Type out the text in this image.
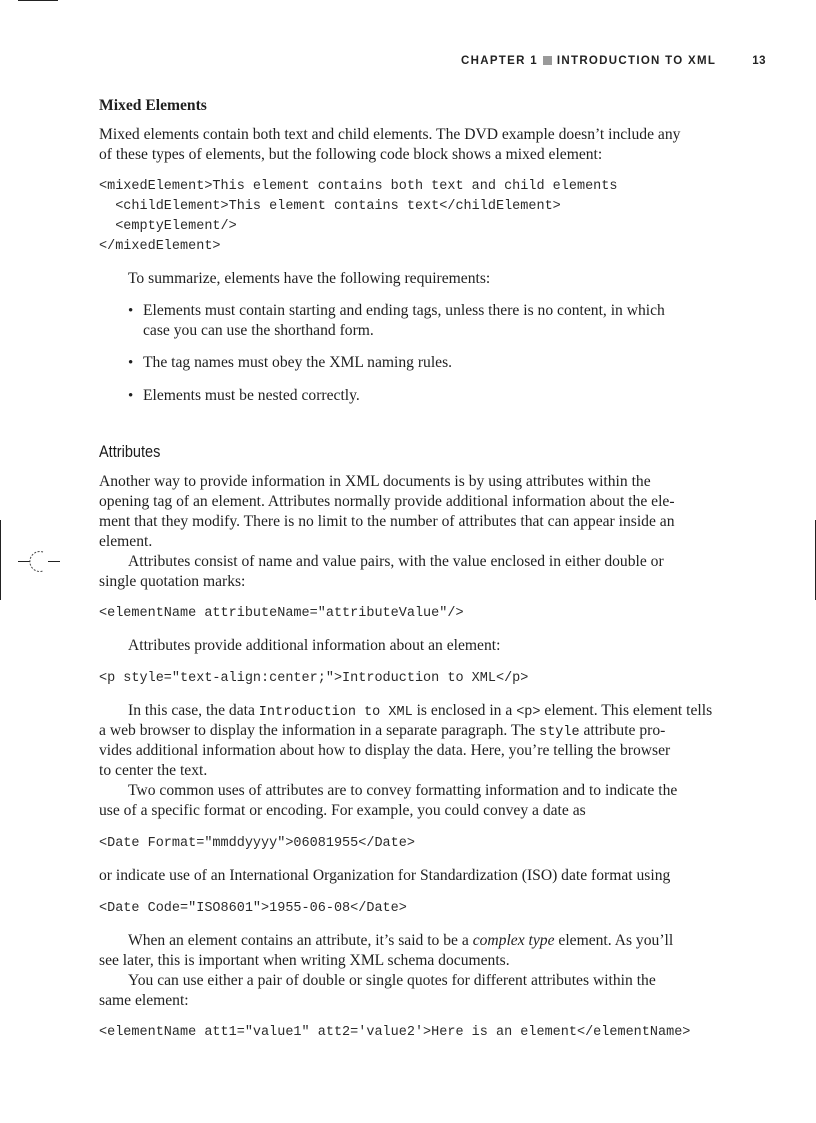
CHAPTER 1 INTRODUCTION TO XML	13

Mixed Elements
Mixed elements contain both text and child elements. The DVD example doesn’t include any
of these types of elements, but the following code block shows a mixed element:
<mixedElement>This element contains both text and child elements
<childElement>This element contains text</childElement>
<emptyElement/>
</mixedElement>
To summarize, elements have the following requirements:
• Elements must contain starting and ending tags, unless there is no content, in which
case you can use the shorthand form.
• The tag names must obey the XML naming rules.
• Elements must be nested correctly.
Attributes
Another way to provide information in XML documents is by using attributes within the
opening tag of an element. Attributes normally provide additional information about the ele-
ment that they modify. There is no limit to the number of attributes that can appear inside an
element.
Attributes consist of name and value pairs, with the value enclosed in either double or
single quotation marks:
<elementName attributeName="attributeValue"/>
Attributes provide additional information about an element:
<p style="text-align:center;">Introduction to XML</p>
In this case, the data Introduction to XML is enclosed in a <p> element. This element tells
a web browser to display the information in a separate paragraph. The style attribute pro-
vides additional information about how to display the data. Here, you’re telling the browser
to center the text.
Two common uses of attributes are to convey formatting information and to indicate the
use of a specific format or encoding. For example, you could convey a date as
<Date Format="mmddyyyy">06081955</Date>
or indicate use of an International Organization for Standardization (ISO) date format using
<Date Code="ISO8601">1955-06-08</Date>
When an element contains an attribute, it’s said to be a complex type element. As you’ll
see later, this is important when writing XML schema documents.
You can use either a pair of double or single quotes for different attributes within the
same element:
<elementName att1="value1" att2='value2'>Here is an element</elementName>
